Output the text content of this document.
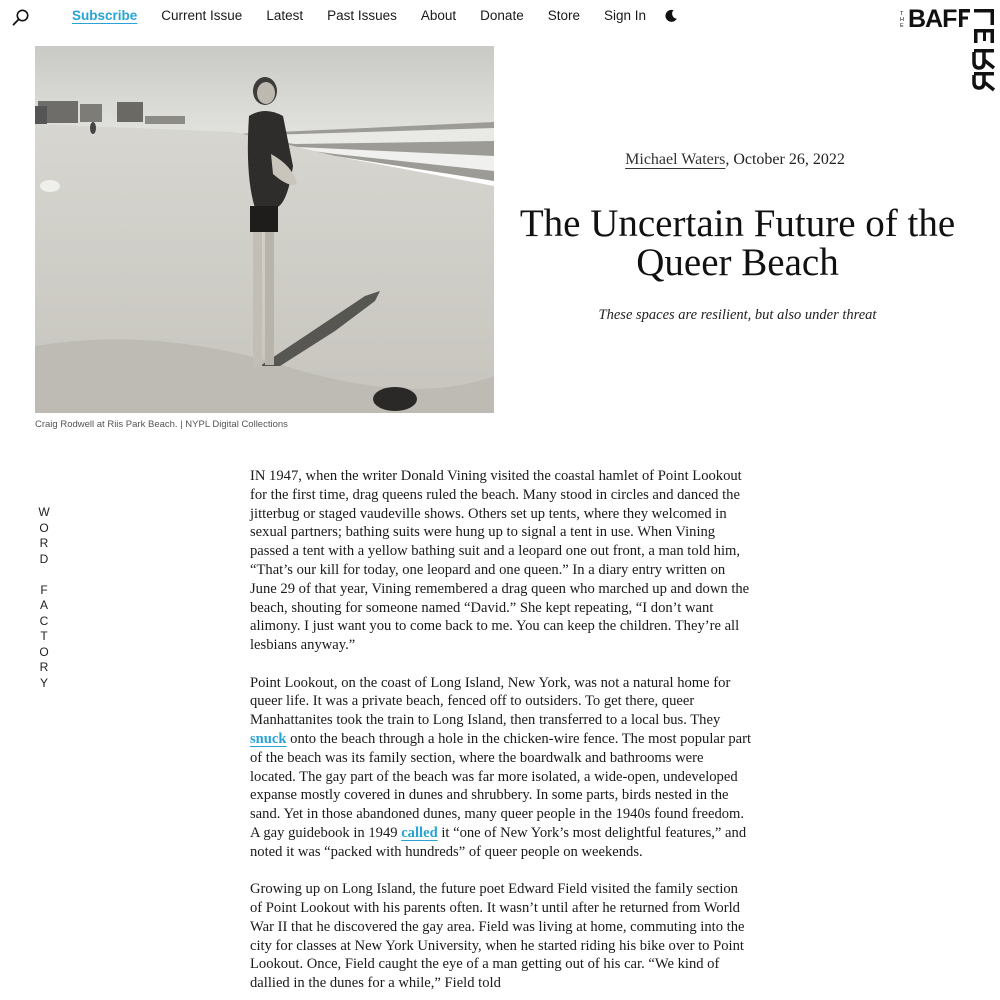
Subscribe Current Issue Latest Past Issues About Donate Store Sign In	T
H
E BAF
Craig Rodwell at Riis Park Beach. | NYPL Digital Collections
Michael Waters, October 26, 2022
The Uncertain Future of the Queer Beach
These spaces are resilient, but also under threat
W
O
R
D

F
A
C
T
O
R
Y

IN 1947, when the writer Donald Vining visited the coastal hamlet of Point Lookout for the first time, drag queens ruled the beach. Many stood in circles and danced the jitterbug or staged vaudeville shows. Others set up tents, where they welcomed in sexual partners; bathing suits were hung up to signal a tent in use. When Vining passed a tent with a yellow bathing suit and a leopard one out front, a man told him, “That’s our kill for today, one leopard and one queen.” In a diary entry written on June 29 of that year, Vining remembered a drag queen who marched up and down the beach, shouting for someone named “David.” She kept repeating, “I don’t want alimony. I just want you to come back to me. You can keep the children. They’re all lesbians anyway.”

Point Lookout, on the coast of Long Island, New York, was not a natural home for queer life. It was a private beach, fenced off to outsiders. To get there, queer Manhattanites took the train to Long Island, then transferred to a local bus. They snuck onto the beach through a hole in the chicken-wire fence. The most popular part of the beach was its family section, where the boardwalk and bathrooms were located. The gay part of the beach was far more isolated, a wide-open, undeveloped expanse mostly covered in dunes and shrubbery. In some parts, birds nested in the sand. Yet in those abandoned dunes, many queer people in the 1940s found freedom. A gay guidebook in 1949 called it “one of New York’s most delightful features,” and noted it was “packed with hundreds” of queer people on weekends.

Growing up on Long Island, the future poet Edward Field visited the family section of Point Lookout with his parents often. It wasn’t until after he returned from World War II that he discovered the gay area. Field was living at home, commuting into the city for classes at New York University, when he started riding his bike over to Point Lookout. Once, Field caught the eye of a man getting out of his car. “We kind of dallied in the dunes for a while,” Field told
